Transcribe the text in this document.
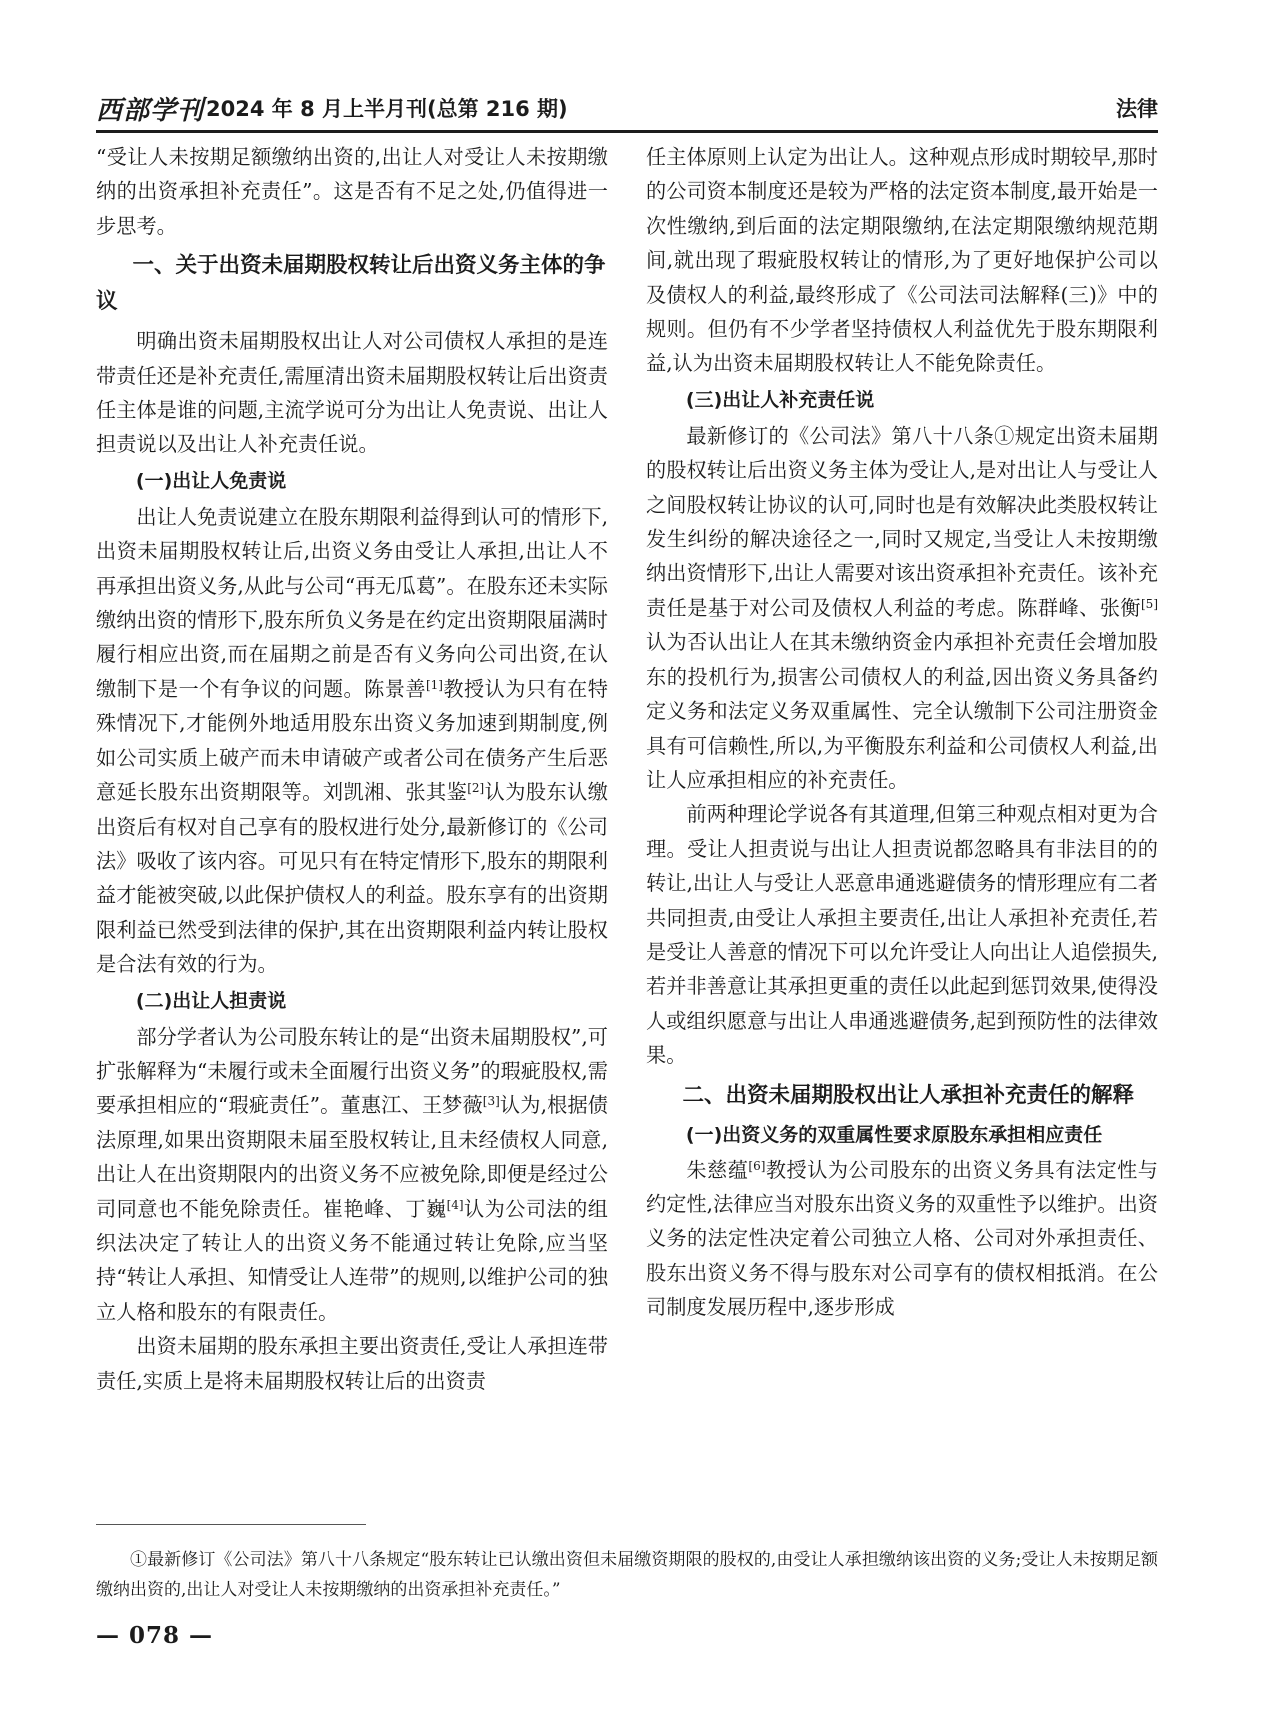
西部学刊 2024 年 8 月上半月刊(总第 216 期)	法律

“受让人未按期足额缴纳出资的,出让人对受让人未按期缴纳的出资承担补充责任”。这是否有不足之处,仍值得进一步思考。

一、关于出资未届期股权转让后出资义务主体的争议

明确出资未届期股权出让人对公司债权人承担的是连带责任还是补充责任,需厘清出资未届期股权转让后出资责任主体是谁的问题,主流学说可分为出让人免责说、出让人担责说以及出让人补充责任说。

(一)出让人免责说

出让人免责说建立在股东期限利益得到认可的情形下,出资未届期股权转让后,出资义务由受让人承担,出让人不再承担出资义务,从此与公司“再无瓜葛”。在股东还未实际缴纳出资的情形下,股东所负义务是在约定出资期限届满时履行相应出资,而在届期之前是否有义务向公司出资,在认缴制下是一个有争议的问题。陈景善[1]教授认为只有在特殊情况下,才能例外地适用股东出资义务加速到期制度,例如公司实质上破产而未申请破产或者公司在债务产生后恶意延长股东出资期限等。刘凯湘、张其鉴[2]认为股东认缴出资后有权对自己享有的股权进行处分,最新修订的《公司法》吸收了该内容。可见只有在特定情形下,股东的期限利益才能被突破,以此保护债权人的利益。股东享有的出资期限利益已然受到法律的保护,其在出资期限利益内转让股权是合法有效的行为。

(二)出让人担责说

部分学者认为公司股东转让的是“出资未届期股权”,可扩张解释为“未履行或未全面履行出资义务”的瑕疵股权,需要承担相应的“瑕疵责任”。董惠江、王梦薇[3]认为,根据债法原理,如果出资期限未届至股权转让,且未经债权人同意,出让人在出资期限内的出资义务不应被免除,即便是经过公司同意也不能免除责任。崔艳峰、丁巍[4]认为公司法的组织法决定了转让人的出资义务不能通过转让免除,应当坚持“转让人承担、知情受让人连带”的规则,以维护公司的独立人格和股东的有限责任。

出资未届期的股东承担主要出资责任,受让人承担连带责任,实质上是将未届期股权转让后的出资责

任主体原则上认定为出让人。这种观点形成时期较早,那时的公司资本制度还是较为严格的法定资本制度,最开始是一次性缴纳,到后面的法定期限缴纳,在法定期限缴纳规范期间,就出现了瑕疵股权转让的情形,为了更好地保护公司以及债权人的利益,最终形成了《公司法司法解释(三)》中的规则。但仍有不少学者坚持债权人利益优先于股东期限利益,认为出资未届期股权转让人不能免除责任。

(三)出让人补充责任说

最新修订的《公司法》第八十八条①规定出资未届期的股权转让后出资义务主体为受让人,是对出让人与受让人之间股权转让协议的认可,同时也是有效解决此类股权转让发生纠纷的解决途径之一,同时又规定,当受让人未按期缴纳出资情形下,出让人需要对该出资承担补充责任。该补充责任是基于对公司及债权人利益的考虑。陈群峰、张衡[5]认为否认出让人在其未缴纳资金内承担补充责任会增加股东的投机行为,损害公司债权人的利益,因出资义务具备约定义务和法定义务双重属性、完全认缴制下公司注册资金具有可信赖性,所以,为平衡股东利益和公司债权人利益,出让人应承担相应的补充责任。

前两种理论学说各有其道理,但第三种观点相对更为合理。受让人担责说与出让人担责说都忽略具有非法目的的转让,出让人与受让人恶意串通逃避债务的情形理应有二者共同担责,由受让人承担主要责任,出让人承担补充责任,若是受让人善意的情况下可以允许受让人向出让人追偿损失,若并非善意让其承担更重的责任以此起到惩罚效果,使得没人或组织愿意与出让人串通逃避债务,起到预防性的法律效果。

二、出资未届期股权出让人承担补充责任的解释
(一)出资义务的双重属性要求原股东承担相应责任

朱慈蕴[6]教授认为公司股东的出资义务具有法定性与约定性,法律应当对股东出资义务的双重性予以维护。出资义务的法定性决定着公司独立人格、公司对外承担责任、股东出资义务不得与股东对公司享有的债权相抵消。在公司制度发展历程中,逐步形成

①最新修订《公司法》第八十八条规定“股东转让已认缴出资但未届缴资期限的股权的,由受让人承担缴纳该出资的义务;受让人未按期足额缴纳出资的,出让人对受让人未按期缴纳的出资承担补充责任。”

— 078 —
